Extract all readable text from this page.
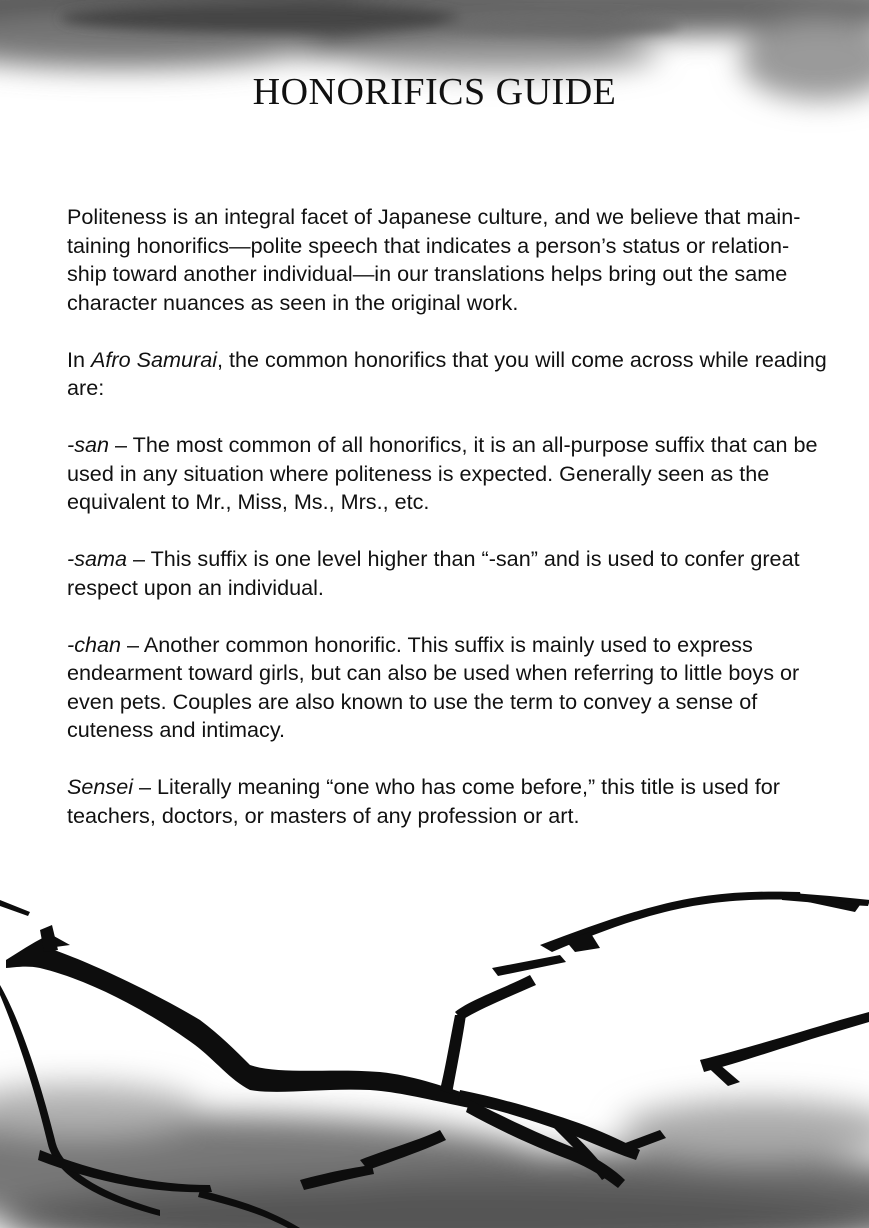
HONORIFICS GUIDE

Politeness is an integral facet of Japanese culture, and we believe that main-taining honorifics—polite speech that indicates a person’s status or relation-ship toward another individual—in our translations helps bring out the same character nuances as seen in the original work.

In Afro Samurai, the common honorifics that you will come across while reading are:

-san – The most common of all honorifics, it is an all-purpose suffix that can be used in any situation where politeness is expected. Generally seen as the equivalent to Mr., Miss, Ms., Mrs., etc.

-sama – This suffix is one level higher than “-san” and is used to confer great respect upon an individual.

-chan – Another common honorific. This suffix is mainly used to express endearment toward girls, but can also be used when referring to little boys or even pets. Couples are also known to use the term to convey a sense of cuteness and intimacy.

Sensei – Literally meaning “one who has come before,” this title is used for teachers, doctors, or masters of any profession or art.
